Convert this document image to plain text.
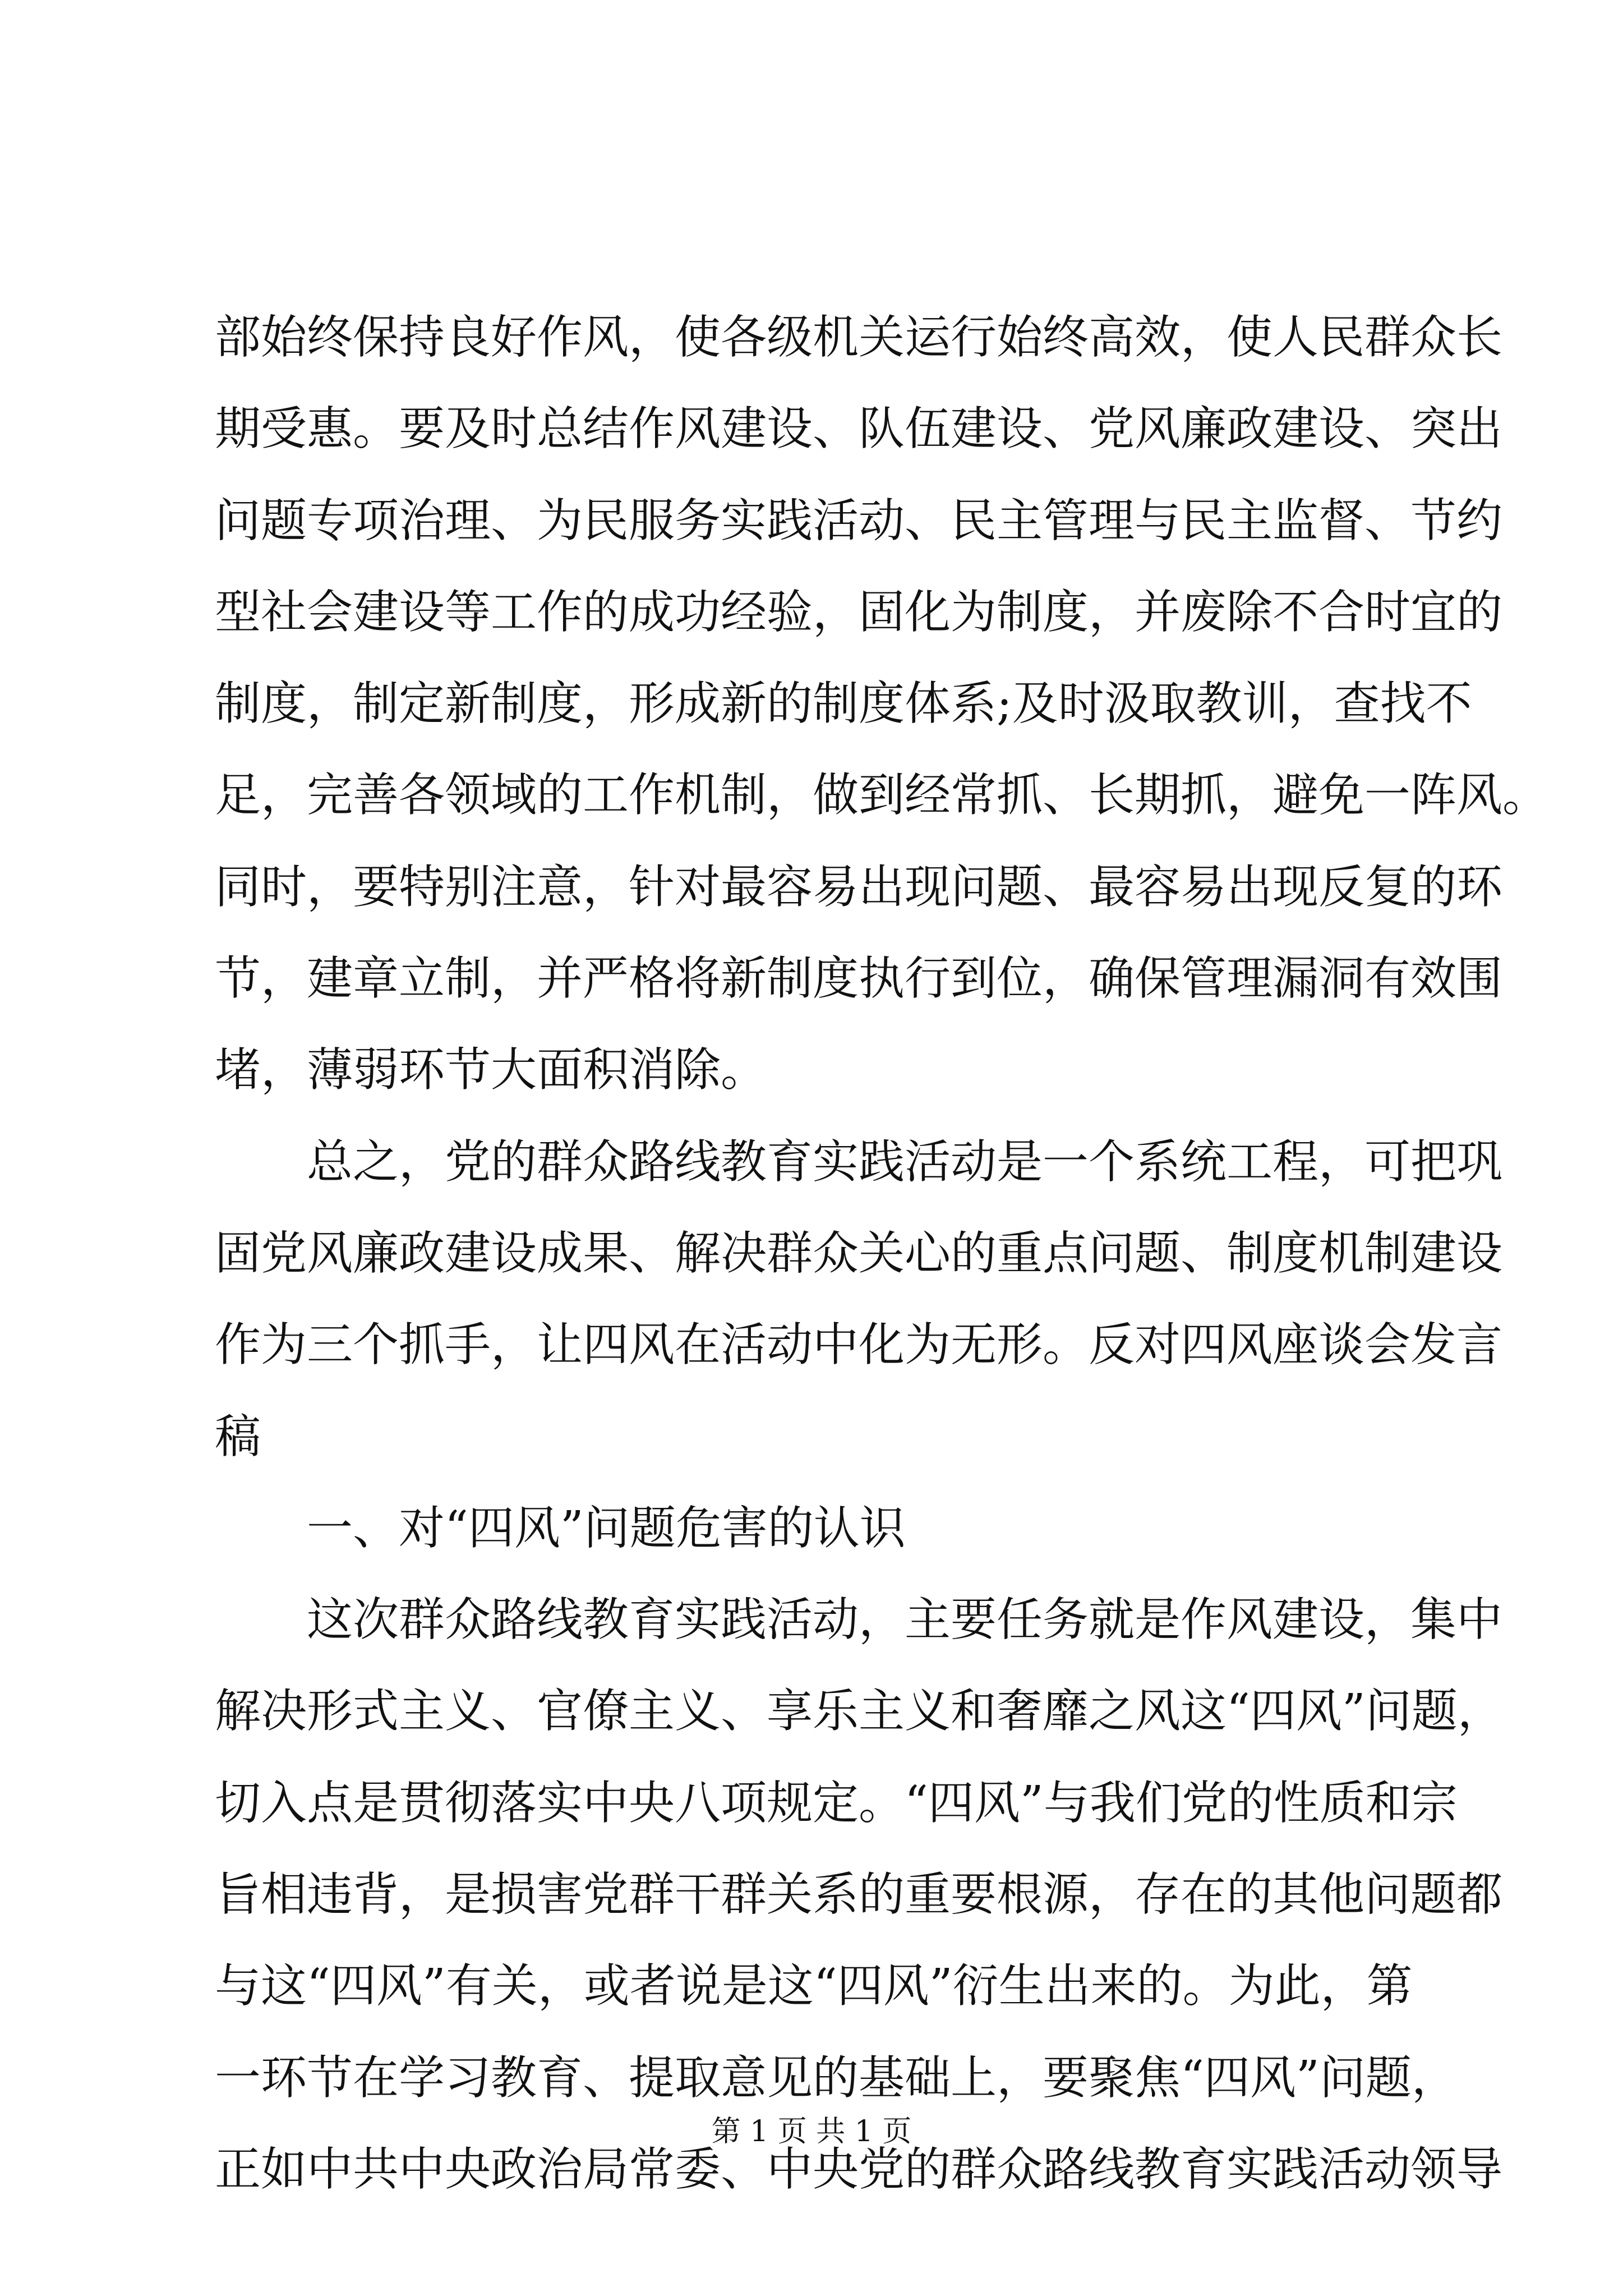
部始终保持良好作风，使各级机关运行始终高效，使人民群众长
期受惠。要及时总结作风建设、队伍建设、党风廉政建设、突出
问题专项治理、为民服务实践活动、民主管理与民主监督、节约
型社会建设等工作的成功经验，固化为制度，并废除不合时宜的
制度，制定新制度，形成新的制度体系;及时汲取教训，查找不
足，完善各领域的工作机制，做到经常抓、长期抓，避免一阵风。
同时，要特别注意，针对最容易出现问题、最容易出现反复的环
节，建章立制，并严格将新制度执行到位，确保管理漏洞有效围
堵，薄弱环节大面积消除。
总之，党的群众路线教育实践活动是一个系统工程，可把巩
固党风廉政建设成果、解决群众关心的重点问题、制度机制建设
作为三个抓手，让四风在活动中化为无形。反对四风座谈会发言
稿
一、对“四风”问题危害的认识
这次群众路线教育实践活动，主要任务就是作风建设，集中
解决形式主义、官僚主义、享乐主义和奢靡之风这“四风”问题，
切入点是贯彻落实中央八项规定。“四风”与我们党的性质和宗
旨相违背，是损害党群干群关系的重要根源，存在的其他问题都
与这“四风”有关，或者说是这“四风”衍生出来的。为此，第
一环节在学习教育、提取意见的基础上，要聚焦“四风”问题，
正如中共中央政治局常委、中央党的群众路线教育实践活动领导
第 1 页 共 1 页
